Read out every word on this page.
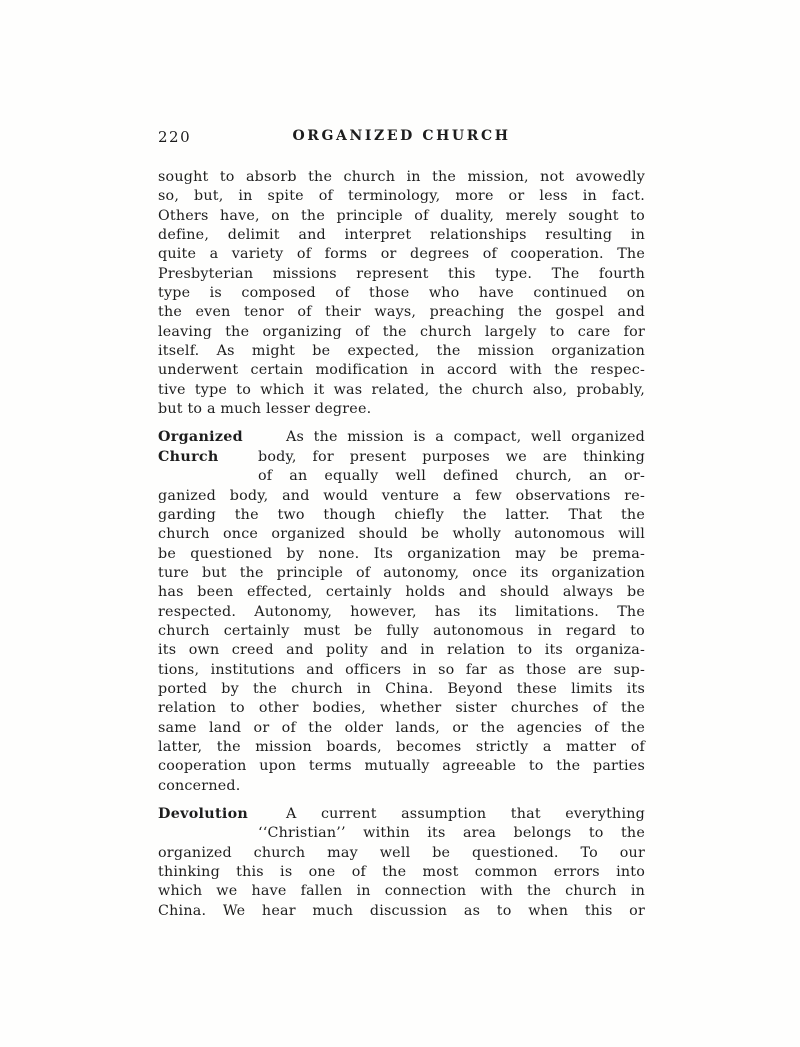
220	ORGANIZED CHURCH
sought to absorb the church in the mission, not avowedly
so, but, in spite of terminology, more or less in fact.
Others have, on the principle of duality, merely sought to
define, delimit and interpret relationships resulting in
quite a variety of forms or degrees of cooperation. The
Presbyterian missions represent this type. The fourth
type is composed of those who have continued on
the even tenor of their ways, preaching the gospel and
leaving the organizing of the church largely to care for
itself. As might be expected, the mission organization
underwent certain modification in accord with the respec-
tive type to which it was related, the church also, probably,
but to a much lesser degree.
Organized
Church
As the mission is a compact, well organized
body, for present purposes we are thinking
of an equally well defined church, an or-
ganized body, and would venture a few observations re-
garding the two though chiefly the latter. That the
church once organized should be wholly autonomous will
be questioned by none. Its organization may be prema-
ture but the principle of autonomy, once its organization
has been effected, certainly holds and should always be
respected. Autonomy, however, has its limitations. The
church certainly must be fully autonomous in regard to
its own creed and polity and in relation to its organiza-
tions, institutions and officers in so far as those are sup-
ported by the church in China. Beyond these limits its
relation to other bodies, whether sister churches of the
same land or of the older lands, or the agencies of the
latter, the mission boards, becomes strictly a matter of
cooperation upon terms mutually agreeable to the parties
concerned.
Devolution	A current assumption that everything
‘‘Christian’’ within its area belongs to the
organized church may well be questioned. To our
thinking this is one of the most common errors into
which we have fallen in connection with the church in
China. We hear much discussion as to when this or
